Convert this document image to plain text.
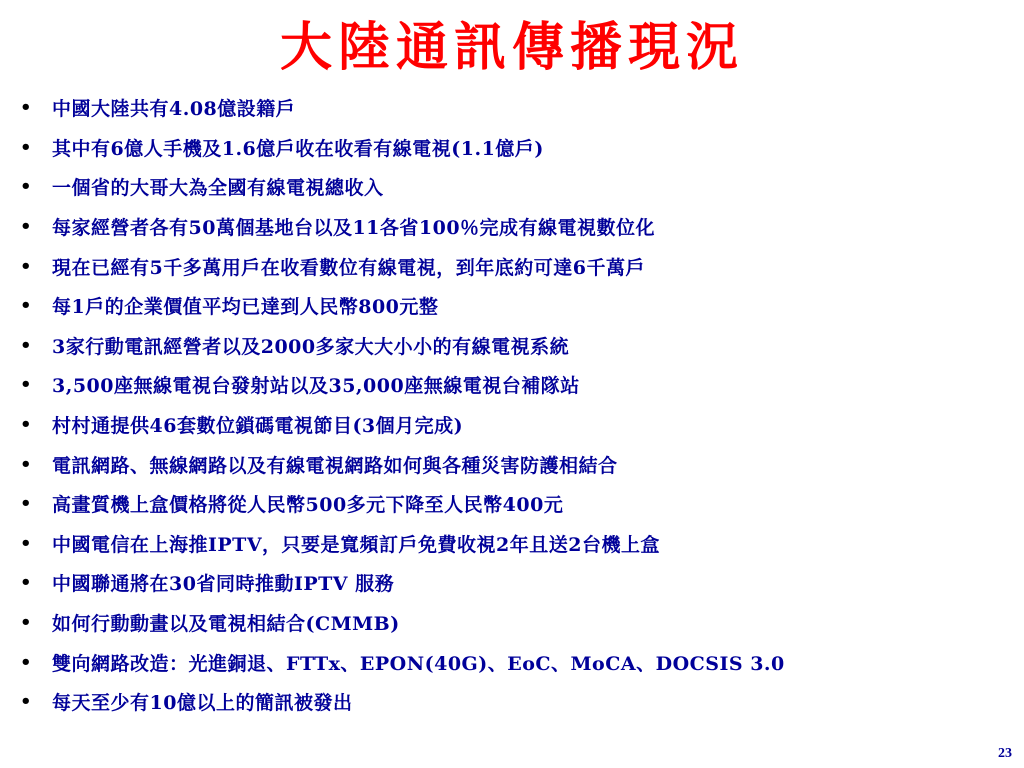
大陸通訊傳播現況
•	中國大陸共有4.08億設籍戶
•	其中有6億人手機及1.6億戶收在收看有線電視(1.1億戶)
•	一個省的大哥大為全國有線電視總收入
•	每家經營者各有50萬個基地台以及11各省100％完成有線電視數位化
•	現在已經有5千多萬用戶在收看數位有線電視，到年底約可達6千萬戶
•	每1戶的企業價值平均已達到人民幣800元整
•	3家行動電訊經營者以及2000多家大大小小的有線電視系統
•	3,500座無線電視台發射站以及35,000座無線電視台補隊站
•	村村通提供46套數位鎖碼電視節目(3個月完成)
•	電訊網路、無線網路以及有線電視網路如何與各種災害防護相結合
•	高畫質機上盒價格將從人民幣500多元下降至人民幣400元
•	中國電信在上海推IPTV，只要是寬頻訂戶免費收視2年且送2台機上盒
•	中國聯通將在30省同時推動IPTV 服務
•	如何行動動畫以及電視相結合(CMMB)
•	雙向網路改造：光進銅退、FTTx、EPON(40G)、EoC、MoCA、DOCSIS 3.0
•	每天至少有10億以上的簡訊被發出
23
